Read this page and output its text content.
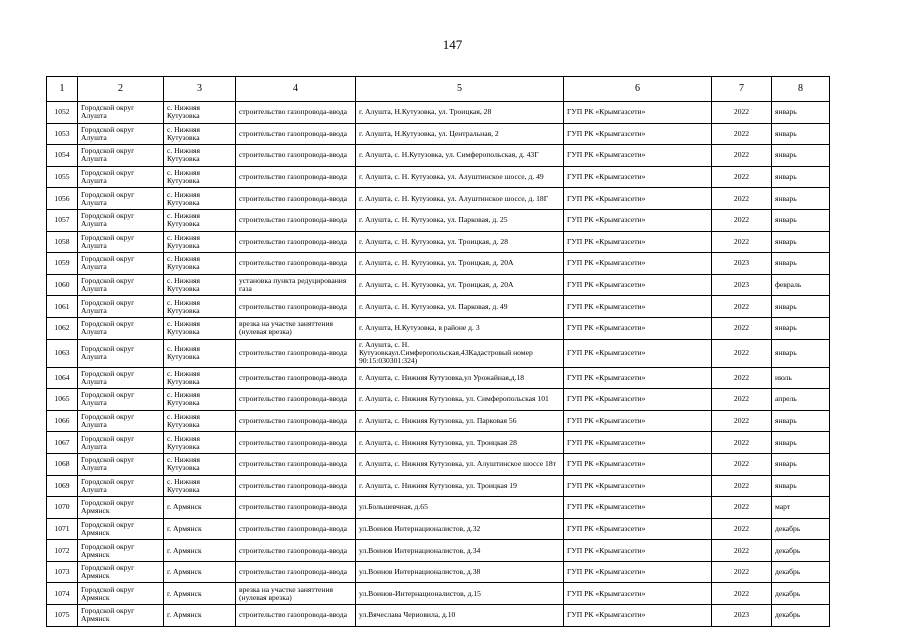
147
1	2	3	4	5	6	7	8
1052	Городской округ Алушта	с. Нижняя Кутузовка	строительство газопровода-ввода	г. Алушта, Н.Кутузовка, ул. Троицкая, 28	ГУП РК «Крымгазсети»	2022	январь
1053	Городской округ Алушта	с. Нижняя Кутузовка	строительство газопровода-ввода	г. Алушта, Н.Кутузовка, ул. Центральная, 2	ГУП РК «Крымгазсети»	2022	январь
1054	Городской округ Алушта	с. Нижняя Кутузовка	строительство газопровода-ввода	г. Алушта, с. Н.Кутузовка, ул. Симферопольская, д. 43Г	ГУП РК «Крымгазсети»	2022	январь
1055	Городской округ Алушта	с. Нижняя Кутузовка	строительство газопровода-ввода	г. Алушта, с. Н. Кутузовка, ул. Алуштинское шоссе, д. 49	ГУП РК «Крымгазсети»	2022	январь
1056	Городской округ Алушта	с. Нижняя Кутузовка	строительство газопровода-ввода	г. Алушта, с. Н. Кутузовка, ул. Алуштинское шоссе, д. 18Г	ГУП РК «Крымгазсети»	2022	январь
1057	Городской округ Алушта	с. Нижняя Кутузовка	строительство газопровода-ввода	г. Алушта, с. Н. Кутузовка, ул. Парковая, д. 25	ГУП РК «Крымгазсети»	2022	январь
1058	Городской округ Алушта	с. Нижняя Кутузовка	строительство газопровода-ввода	г. Алушта, с. Н. Кутузовка, ул. Троицкая, д. 28	ГУП РК «Крымгазсети»	2022	январь
1059	Городской округ Алушта	с. Нижняя Кутузовка	строительство газопровода-ввода	г. Алушта, с. Н. Кутузовка, ул. Троицкая, д. 20А	ГУП РК «Крымгазсети»	2023	январь
1060	Городской округ Алушта	с. Нижняя Кутузовка	установка пункта редуцирования газа	г. Алушта, с. Н. Кутузовка, ул. Троицкая, д. 20А	ГУП РК «Крымгазсети»	2023	февраль
1061	Городской округ Алушта	с. Нижняя Кутузовка	строительство газопровода-ввода	г. Алушта, с. Н. Кутузовка, ул. Парковая, д. 49	ГУП РК «Крымгазсети»	2022	январь
1062	Городской округ Алушта	с. Нижняя Кутузовка	врезка на участке заняттения (нулевая врезка)	г. Алушта, Н.Кутузовка, в районе д. 3	ГУП РК «Крымгазсети»	2022	январь
1063	Городской округ Алушта	с. Нижняя Кутузовка	строительство газопровода-ввода	г. Алушта, с. Н. Кутузовкаул.Симферопольская,43Кадастровый номер 90:15:030301:324)	ГУП РК «Крымгазсети»	2022	январь
1064	Городской округ Алушта	с. Нижняя Кутузовка	строительство газопровода-ввода	г. Алушта, с. Нижняя Кутузовка,ул Урожайная,д.18	ГУП РК «Крымгазсети»	2022	июль
1065	Городской округ Алушта	с. Нижняя Кутузовка	строительство газопровода-ввода	г. Алушта, с. Нижняя Кутузовка, ул. Симферопольская 101	ГУП РК «Крымгазсети»	2022	апрель
1066	Городской округ Алушта	с. Нижняя Кутузовка	строительство газопровода-ввода	г. Алушта, с. Нижняя Кутузовка, ул. Парковая 56	ГУП РК «Крымгазсети»	2022	январь
1067	Городской округ Алушта	с. Нижняя Кутузовка	строительство газопровода-ввода	г. Алушта, с. Нижняя Кутузовка, ул. Троицкая 28	ГУП РК «Крымгазсети»	2022	январь
1068	Городской округ Алушта	с. Нижняя Кутузовка	строительство газопровода-ввода	г. Алушта, с. Нижняя Кутузовка, ул. Алуштинское шоссе 18т	ГУП РК «Крымгазсети»	2022	январь
1069	Городской округ Алушта	с. Нижняя Кутузовка	строительство газопровода-ввода	г. Алушта, с. Нижняя Кутузовка, ул. Троицкая 19	ГУП РК «Крымгазсети»	2022	январь
1070	Городской округ Армянск	г. Армянск	строительство газопровода-ввода	ул.Большевчная, д.65	ГУП РК «Крымгазсети»	2022	март
1071	Городской округ Армянск	г. Армянск	строительство газопровода-ввода	ул.Воинов Интернационалистов, д.32	ГУП РК «Крымгазсети»	2022	декабрь
1072	Городской округ Армянск	г. Армянск	строительство газопровода-ввода	ул.Воинов Интернационалистов, д.34	ГУП РК «Крымгазсети»	2022	декабрь
1073	Городской округ Армянск	г. Армянск	строительство газопровода-ввода	ул.Воинов Интернационалистов, д.38	ГУП РК «Крымгазсети»	2022	декабрь
1074	Городской округ Армянск	г. Армянск	врезка на участке заняттения (нулевая врезка)	ул.Воинов-Интернационалистов, д.15	ГУП РК «Крымгазсети»	2022	декабрь
1075	Городской округ Армянск	г. Армянск	строительство газопровода-ввода	ул.Вячеслава Чериовила, д.10	ГУП РК «Крымгазсети»	2023	декабрь
